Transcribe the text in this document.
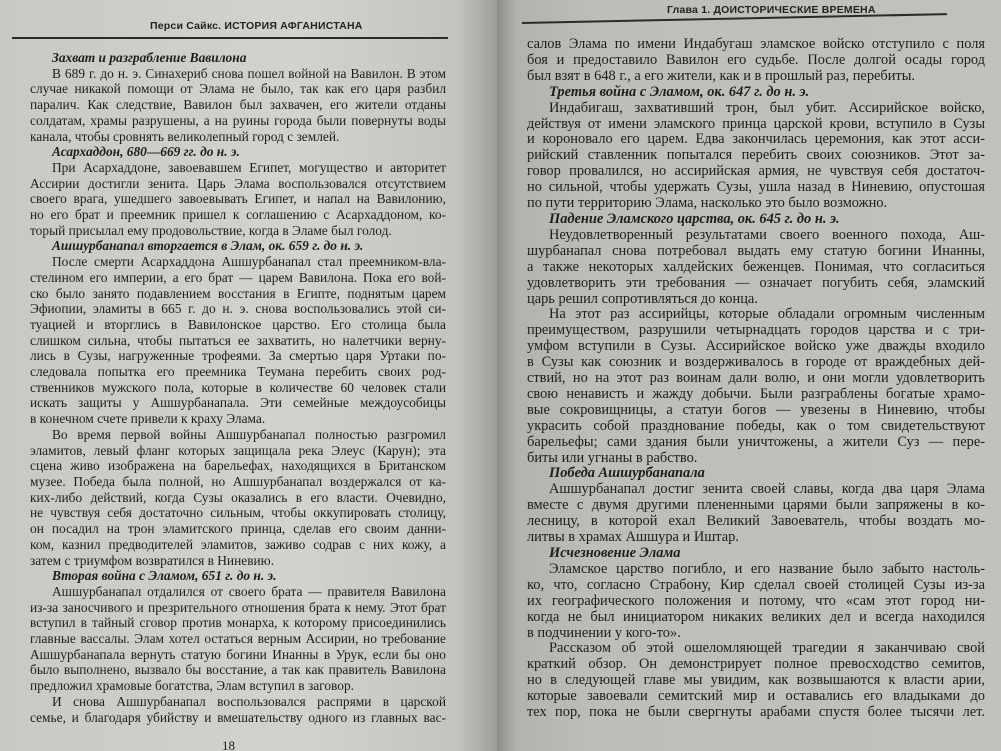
Перси Сайкс. ИСТОРИЯ АФГАНИСТАНА
Захват и разграбление Вавилона
В 689 г. до н. э. Синахериб снова пошел войной на Вавилон. В этом
случае никакой помощи от Элама не было, так как его царя разбил
паралич. Как следствие, Вавилон был захвачен, его жители отданы
солдатам, храмы разрушены, а на руины города были повернуты воды
канала, чтобы сровнять великолепный город с землей.
Асархаддон, 680—669 гг. до н. э.
При Асархаддоне, завоевавшем Египет, могущество и авторитет
Ассирии достигли зенита. Царь Элама воспользовался отсутствием
своего врага, ушедшего завоевывать Египет, и напал на Вавилонию,
но его брат и преемник пришел к соглашению с Асархаддоном, ко-
торый присылал ему продовольствие, когда в Эламе был голод.
Ашшурбанапал вторгается в Элам, ок. 659 г. до н. э.
После смерти Асархаддона Ашшурбанапал стал преемником-вла-
стелином его империи, а его брат — царем Вавилона. Пока его вой-
ско было занято подавлением восстания в Египте, поднятым царем
Эфиопии, эламиты в 665 г. до н. э. снова воспользовались этой си-
туацией и вторглись в Вавилонское царство. Его столица была
слишком сильна, чтобы пытаться ее захватить, но налетчики верну-
лись в Сузы, нагруженные трофеями. За смертью царя Уртаки по-
следовала попытка его преемника Теумана перебить своих род-
ственников мужского пола, которые в количестве 60 человек стали
искать защиты у Ашшурбанапала. Эти семейные междоусобицы
в конечном счете привели к краху Элама.
Во время первой войны Ашшурбанапал полностью разгромил
эламитов, левый фланг которых защищала река Элеус (Карун); эта
сцена живо изображена на барельефах, находящихся в Британском
музее. Победа была полной, но Ашшурбанапал воздержался от ка-
ких-либо действий, когда Сузы оказались в его власти. Очевидно,
не чувствуя себя достаточно сильным, чтобы оккупировать столицу,
он посадил на трон эламитского принца, сделав его своим данни-
ком, казнил предводителей эламитов, заживо содрав с них кожу, а
затем с триумфом возвратился в Ниневию.
Вторая война с Эламом, 651 г. до н. э.
Ашшурбанапал отдалился от своего брата — правителя Вавилона
из-за заносчивого и презрительного отношения брата к нему. Этот брат
вступил в тайный сговор против монарха, к которому присоединились
главные вассалы. Элам хотел остаться верным Ассирии, но требование
Ашшурбанапала вернуть статую богини Инанны в Урук, если бы оно
было выполнено, вызвало бы восстание, а так как правитель Вавилона
предложил храмовые богатства, Элам вступил в заговор.
И снова Ашшурбанапал воспользовался распрями в царской
семье, и благодаря убийству и вмешательству одного из главных вас-
18
Глава 1. ДОИСТОРИЧЕСКИЕ ВРЕМЕНА
салов Элама по имени Индабугаш эламское войско отступило с поля
боя и предоставило Вавилон его судьбе. После долгой осады город
был взят в 648 г., а его жители, как и в прошлый раз, перебиты.
Третья война с Эламом, ок. 647 г. до н. э.
Индабигаш, захвативший трон, был убит. Ассирийское войско,
действуя от имени эламского принца царской крови, вступило в Сузы
и короновало его царем. Едва закончилась церемония, как этот асси-
рийский ставленник попытался перебить своих союзников. Этот за-
говор провалился, но ассирийская армия, не чувствуя себя достаточ-
но сильной, чтобы удержать Сузы, ушла назад в Ниневию, опустошая
по пути территорию Элама, насколько это было возможно.
Падение Эламского царства, ок. 645 г. до н. э.
Неудовлетворенный результатами своего военного похода, Аш-
шурбанапал снова потребовал выдать ему статую богини Инанны,
а также некоторых халдейских беженцев. Понимая, что согласиться
удовлетворить эти требования — означает погубить себя, эламский
царь решил сопротивляться до конца.
На этот раз ассирийцы, которые обладали огромным численным
преимуществом, разрушили четырнадцать городов царства и с три-
умфом вступили в Сузы. Ассирийское войско уже дважды входило
в Сузы как союзник и воздерживалось в городе от враждебных дей-
ствий, но на этот раз воинам дали волю, и они могли удовлетворить
свою ненависть и жажду добычи. Были разграблены богатые храмо-
вые сокровищницы, а статуи богов — увезены в Ниневию, чтобы
украсить собой празднование победы, как о том свидетельствуют
барельефы; сами здания были уничтожены, а жители Суз — пере-
биты или угнаны в рабство.
Победа Ашшурбанапала
Ашшурбанапал достиг зенита своей славы, когда два царя Элама
вместе с двумя другими плененными царями были запряжены в ко-
лесницу, в которой ехал Великий Завоеватель, чтобы воздать мо-
литвы в храмах Ашшура и Иштар.
Исчезновение Элама
Эламское царство погибло, и его название было забыто настоль-
ко, что, согласно Страбону, Кир сделал своей столицей Сузы из-за
их географического положения и потому, что «сам этот город ни-
когда не был инициатором никаких великих дел и всегда находился
в подчинении у кого-то».
Рассказом об этой ошеломляющей трагедии я заканчиваю свой
краткий обзор. Он демонстрирует полное превосходство семитов,
но в следующей главе мы увидим, как возвышаются к власти арии,
которые завоевали семитский мир и оставались его владыками до
тех пор, пока не были свергнуты арабами спустя более тысячи лет.
